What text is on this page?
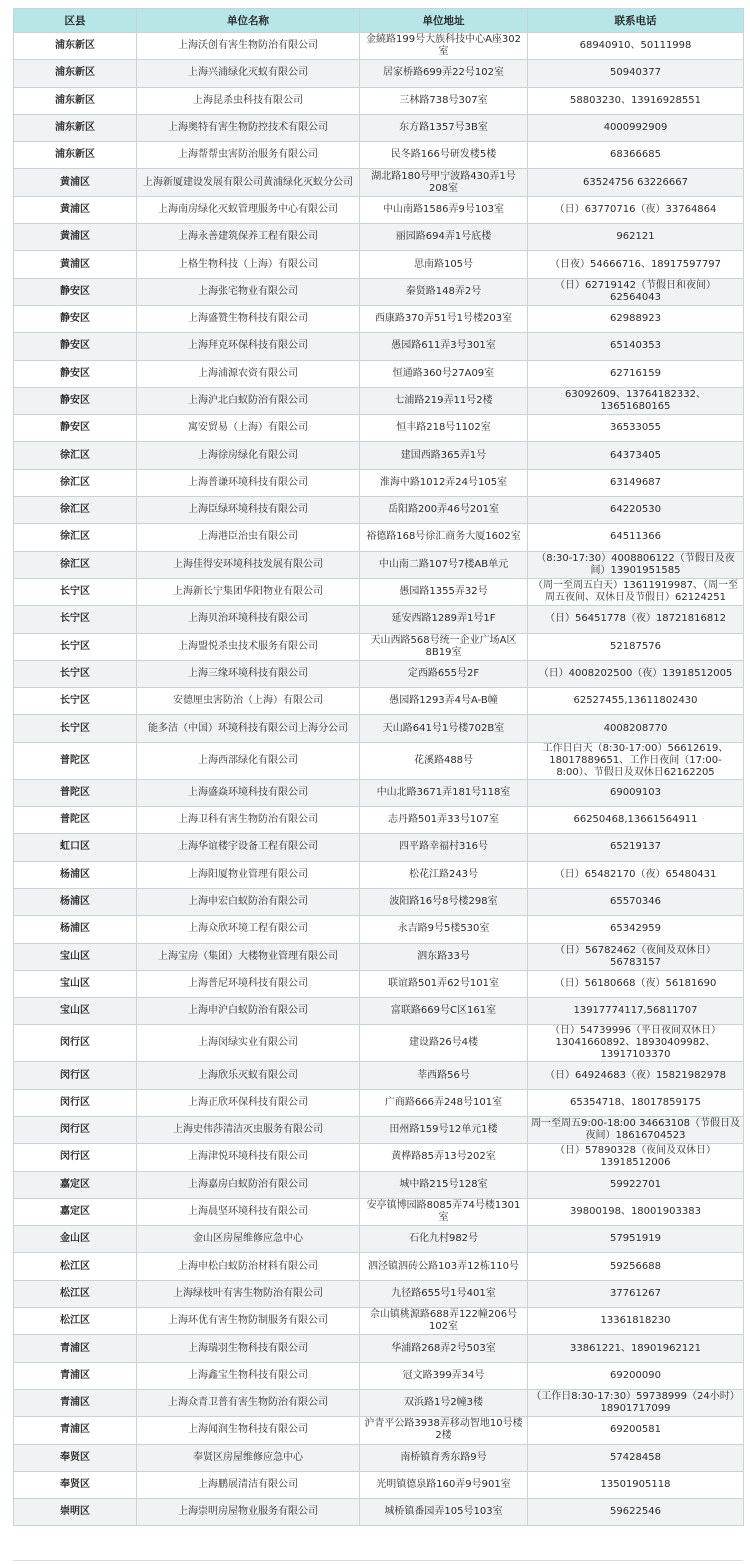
区县	单位名称	单位地址	联系电话
浦东新区	上海沃创有害生物防治有限公司	金繞路199号大族科技中心A座302室	68940910、50111998
浦东新区	上海兴浦绿化灭蚁有限公司	居家桥路699弄22号102室	50940377
浦东新区	上海昆杀虫科技有限公司	三林路738号307室	58803230、13916928551
浦东新区	上海奥特有害生物防控技术有限公司	东方路1357号3B室	4000992909
浦东新区	上海帮帮虫害防治服务有限公司	民冬路166号研发楼5楼	68366685
黄浦区	上海新厦建设发展有限公司黄浦绿化灭蚁分公司	湖北路180号甲宁波路430弄1号208室	63524756 63226667
黄浦区	上海南房绿化灭蚁管理服务中心有限公司	中山南路1586弄9号103室	（日）63770716（夜）33764864
黄浦区	上海永善建筑保养工程有限公司	丽园路694弄1号底楼	962121
黄浦区	上格生物科技（上海）有限公司	思南路105号	（日夜）54666716、18917597797
静安区	上海张宅物业有限公司	秦贤路148弄2号	（日）62719142（节假日和夜间）62564043
静安区	上海盛赞生物科技有限公司	西康路370弄51号1号楼203室	62988923
静安区	上海拜克环保科技有限公司	愚园路611弄3号301室	65140353
静安区	上海浦源农资有限公司	恒通路360号27A09室	62716159
静安区	上海沪北白蚁防治有限公司	七浦路219弄11号2楼	63092609、13764182332、13651680165
静安区	寓安贸易（上海）有限公司	恒丰路218号1102室	36533055
徐汇区	上海徐房绿化有限公司	建国西路365弄1号	64373405
徐汇区	上海普谦环境科技有限公司	淮海中路1012弄24号105室	63149687
徐汇区	上海臣绿环境科技有限公司	岳阳路200弄46号201室	64220530
徐汇区	上海港臣治虫有限公司	裕德路168号徐汇商务大厦1602室	64511366
徐汇区	上海佳得安环境科技发展有限公司	中山南二路107号7楼AB单元	（8:30-17:30）4008806122（节假日及夜间）13901951585
长宁区	上海新长宁集团华阳物业有限公司	愚园路1355弄32号	（周一至周五白天）13611919987、（周一至周五夜间、双休日及节假日）62124251
长宁区	上海贝治环境科技有限公司	延安西路1289弄1号1F	（日）56451778（夜）18721816812
长宁区	上海盟悦杀虫技术服务有限公司	天山西路568号统一企业广场A区8B19室	52187576
长宁区	上海三缘环境科技有限公司	定西路655号2F	（日）4008202500（夜）13918512005
长宁区	安德厘虫害防治（上海）有限公司	愚园路1293弄4号A-B幢	62527455,13611802430
长宁区	能多洁（中国）环境科技有限公司上海分公司	天山路641号1号楼702B室	4008208770
普陀区	上海西部绿化有限公司	花溪路488号	工作日白天（8:30-17:00）56612619、18017889651、工作日夜间（17:00-8:00）、节假日及双休日62162205
普陀区	上海盛焱环境科技有限公司	中山北路3671弄181号118室	69009103
普陀区	上海卫科有害生物防治有限公司	志丹路501弄33号107室	66250468,13661564911
虹口区	上海华谊楼宇设备工程有限公司	四平路幸福村316号	65219137
杨浦区	上海阳厦物业管理有限公司	松花江路243号	（日）65482170（夜）65480431
杨浦区	上海申宏白蚁防治有限公司	波阳路16号8号楼298室	65570346
杨浦区	上海众欣环境工程有限公司	永吉路9号5楼530室	65342959
宝山区	上海宝房（集团）大楼物业管理有限公司	泗东路33号	（日）56782462（夜间及双休日）56783157
宝山区	上海普尼环境科技有限公司	联谊路501弄62号101室	（日）56180668（夜）56181690
宝山区	上海申沪白蚁防治有限公司	富联路669号C区161室	13917774117,56811707
闵行区	上海闵绿实业有限公司	建设路26号4楼	（日）54739996（平日夜间双休日）13041660892、18930409982、13917103370
闵行区	上海欣乐灭蚁有限公司	莘西路56号	（日）64924683（夜）15821982978
闵行区	上海正欣环保科技有限公司	广商路666弄248号101室	65354718、18017859175
闵行区	上海史伟莎清洁灭虫服务有限公司	田州路159号12单元1楼	周一至周五9:00-18:00 34663108（节假日及夜间）18616704523
闵行区	上海津悦环境科技有限公司	黄桦路85弄13号202室	（日）57890328（夜间及双休日）13918512006
嘉定区	上海嘉房白蚁防治有限公司	城中路215号128室	59922701
嘉定区	上海晨坚环境科技有限公司	安亭镇博园路8085弄74号楼1301室	39800198、18001903383
金山区	金山区房屋维修应急中心	石化九村982号	57951919
松江区	上海申松白蚁防治材料有限公司	泗泾镇泗砖公路103弄12栋110号	59256688
松江区	上海绿枝叶有害生物防治有限公司	九径路655号1号401室	37761267
松江区	上海环优有害生物防制服务有限公司	佘山镇桃源路688弄122幢206号102室	13361818230
青浦区	上海瑞羽生物科技有限公司	华浦路268弄2号503室	33861221、18901962121
青浦区	上海鑫宝生物科技有限公司	冠文路399弄34号	69200090
青浦区	上海众青卫普有害生物防治有限公司	双浜路1号2幢3楼	（工作日8:30-17:30）59738999（24小时）18901717099
青浦区	上海闻润生物科技有限公司	沪青平公路3938弄移动智地10号楼2楼	69200581
奉贤区	奉贤区房屋维修应急中心	南桥镇育秀东路9号	57428458
奉贤区	上海鹏展清洁有限公司	光明镇德泉路160弄9号901室	13501905118
崇明区	上海崇明房屋物业服务有限公司	城桥镇番园弄105号103室	59622546
